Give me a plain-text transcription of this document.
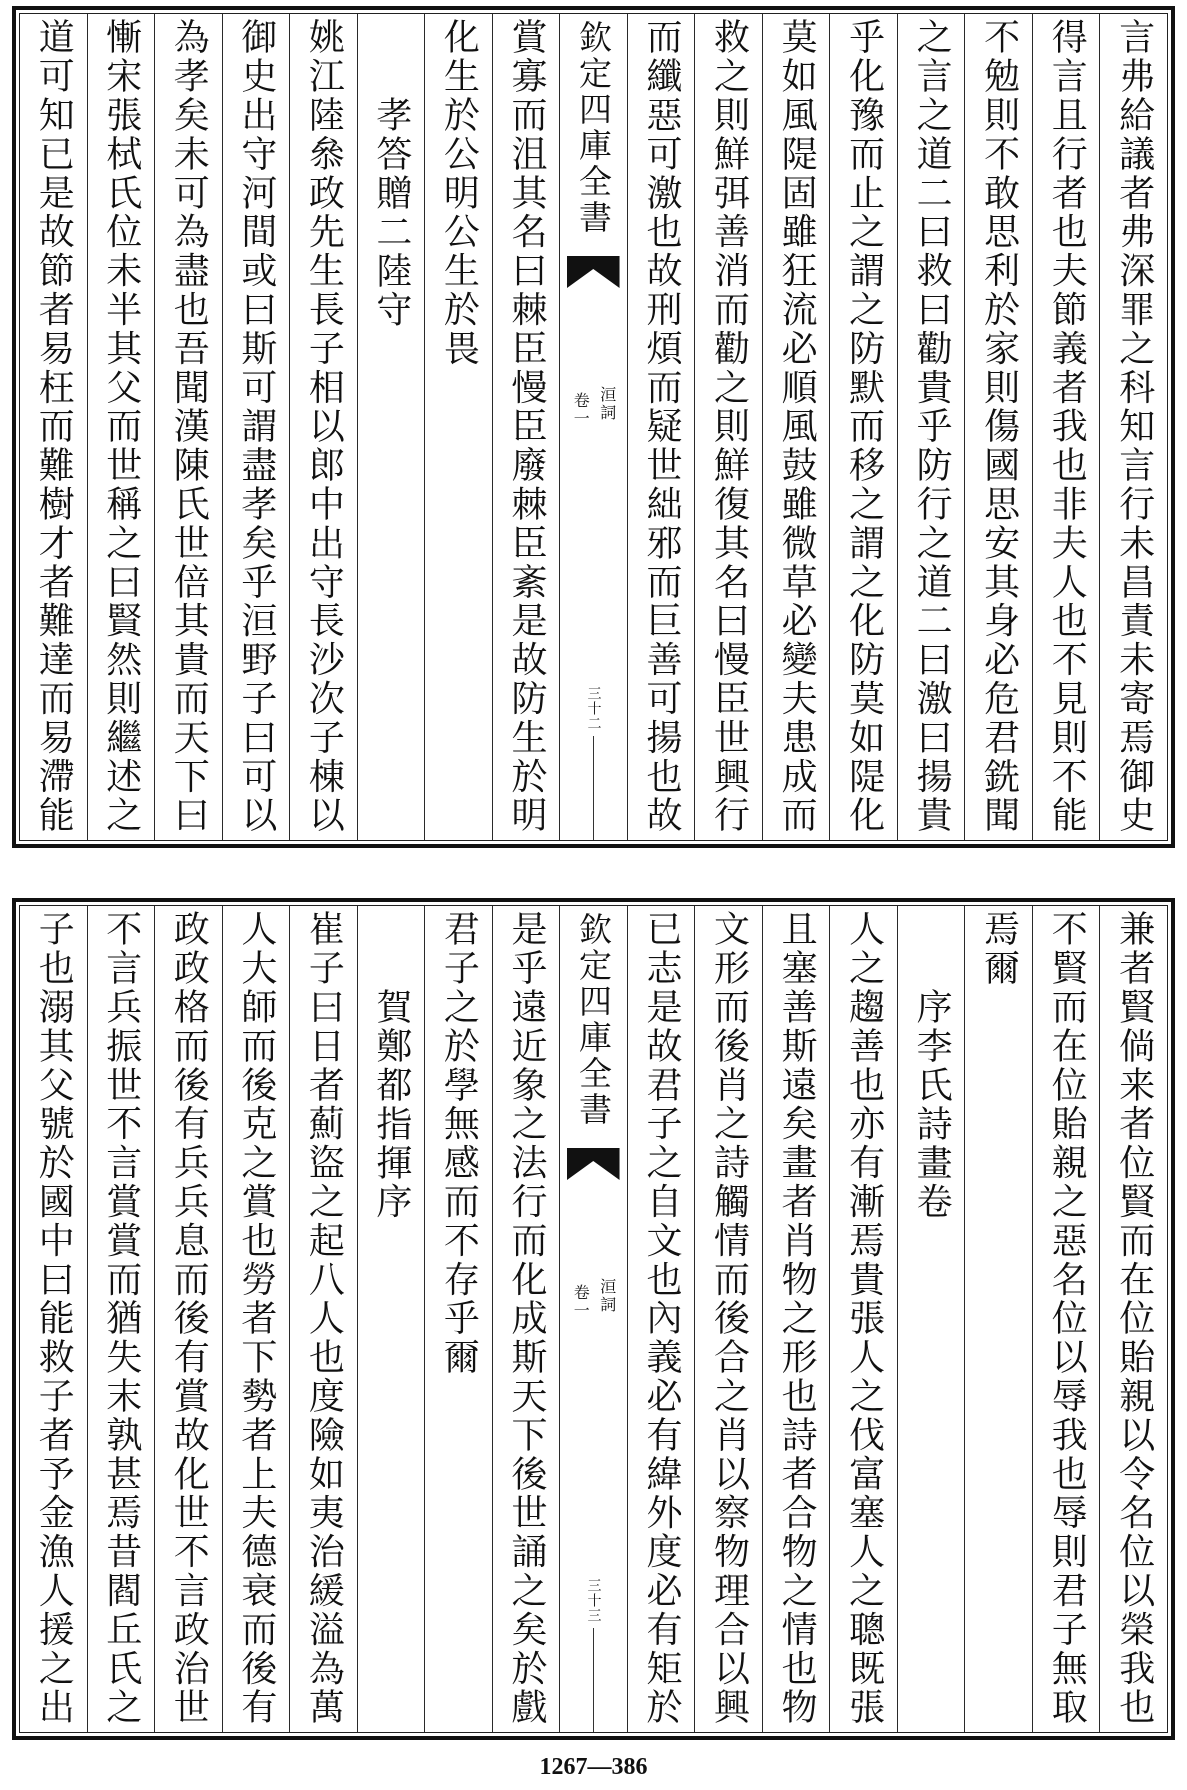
言弗給議者弗深罪之科知言行未昌責未寄焉御史
得言且行者也夫節義者我也非夫人也不見則不能
不勉則不敢思利於家則傷國思安其身必危君銑聞
之言之道二曰救曰勸貴乎防行之道二曰激曰揚貴
乎化豫而止之謂之防默而移之謂之化防莫如隄化
莫如風隄固雖狂流必順風鼓雖微草必變夫患成而
救之則鮮弭善消而勸之則鮮復其名曰慢臣世興行
而纖惡可激也故刑煩而疑世絀邪而巨善可揚也故
欽定四庫全書
洹詞
卷一
三十二
賞寡而沮其名曰棘臣慢臣廢棘臣紊是故防生於明
化生於公明公生於畏
孝答贈二陸守
姚江陸叅政先生長子相以郎中出守長沙次子棟以
御史出守河間或曰斯可謂盡孝矣乎洹野子曰可以
為孝矣未可為盡也吾聞漢陳氏世倍其貴而天下曰
慚宋張栻氏位未半其父而世稱之曰賢然則繼述之
道可知已是故節者易枉而難樹才者難達而易滯能
兼者賢倘来者位賢而在位貽親以令名位以榮我也
不賢而在位貽親之惡名位以辱我也辱則君子無取
焉爾
序李氏詩畫卷
人之趨善也亦有漸焉貴張人之伐富塞人之聰既張
且塞善斯遠矣畫者肖物之形也詩者合物之情也物
文形而後肖之詩觸情而後合之肖以察物理合以興
已志是故君子之自文也內義必有緯外度必有矩於
欽定四庫全書
洹詞
卷一
三十三
是乎遠近象之法行而化成斯天下後世誦之矣於戲
君子之於學無感而不存乎爾
賀鄭都指揮序
崔子曰日者薊盜之起八人也度險如夷治緩溢為萬
人大師而後克之賞也勞者下勢者上夫德衰而後有
政政格而後有兵兵息而後有賞故化世不言政治世
不言兵振世不言賞賞而猶失末孰甚焉昔閻丘氏之
子也溺其父號於國中曰能救子者予金漁人援之出
1267—386
